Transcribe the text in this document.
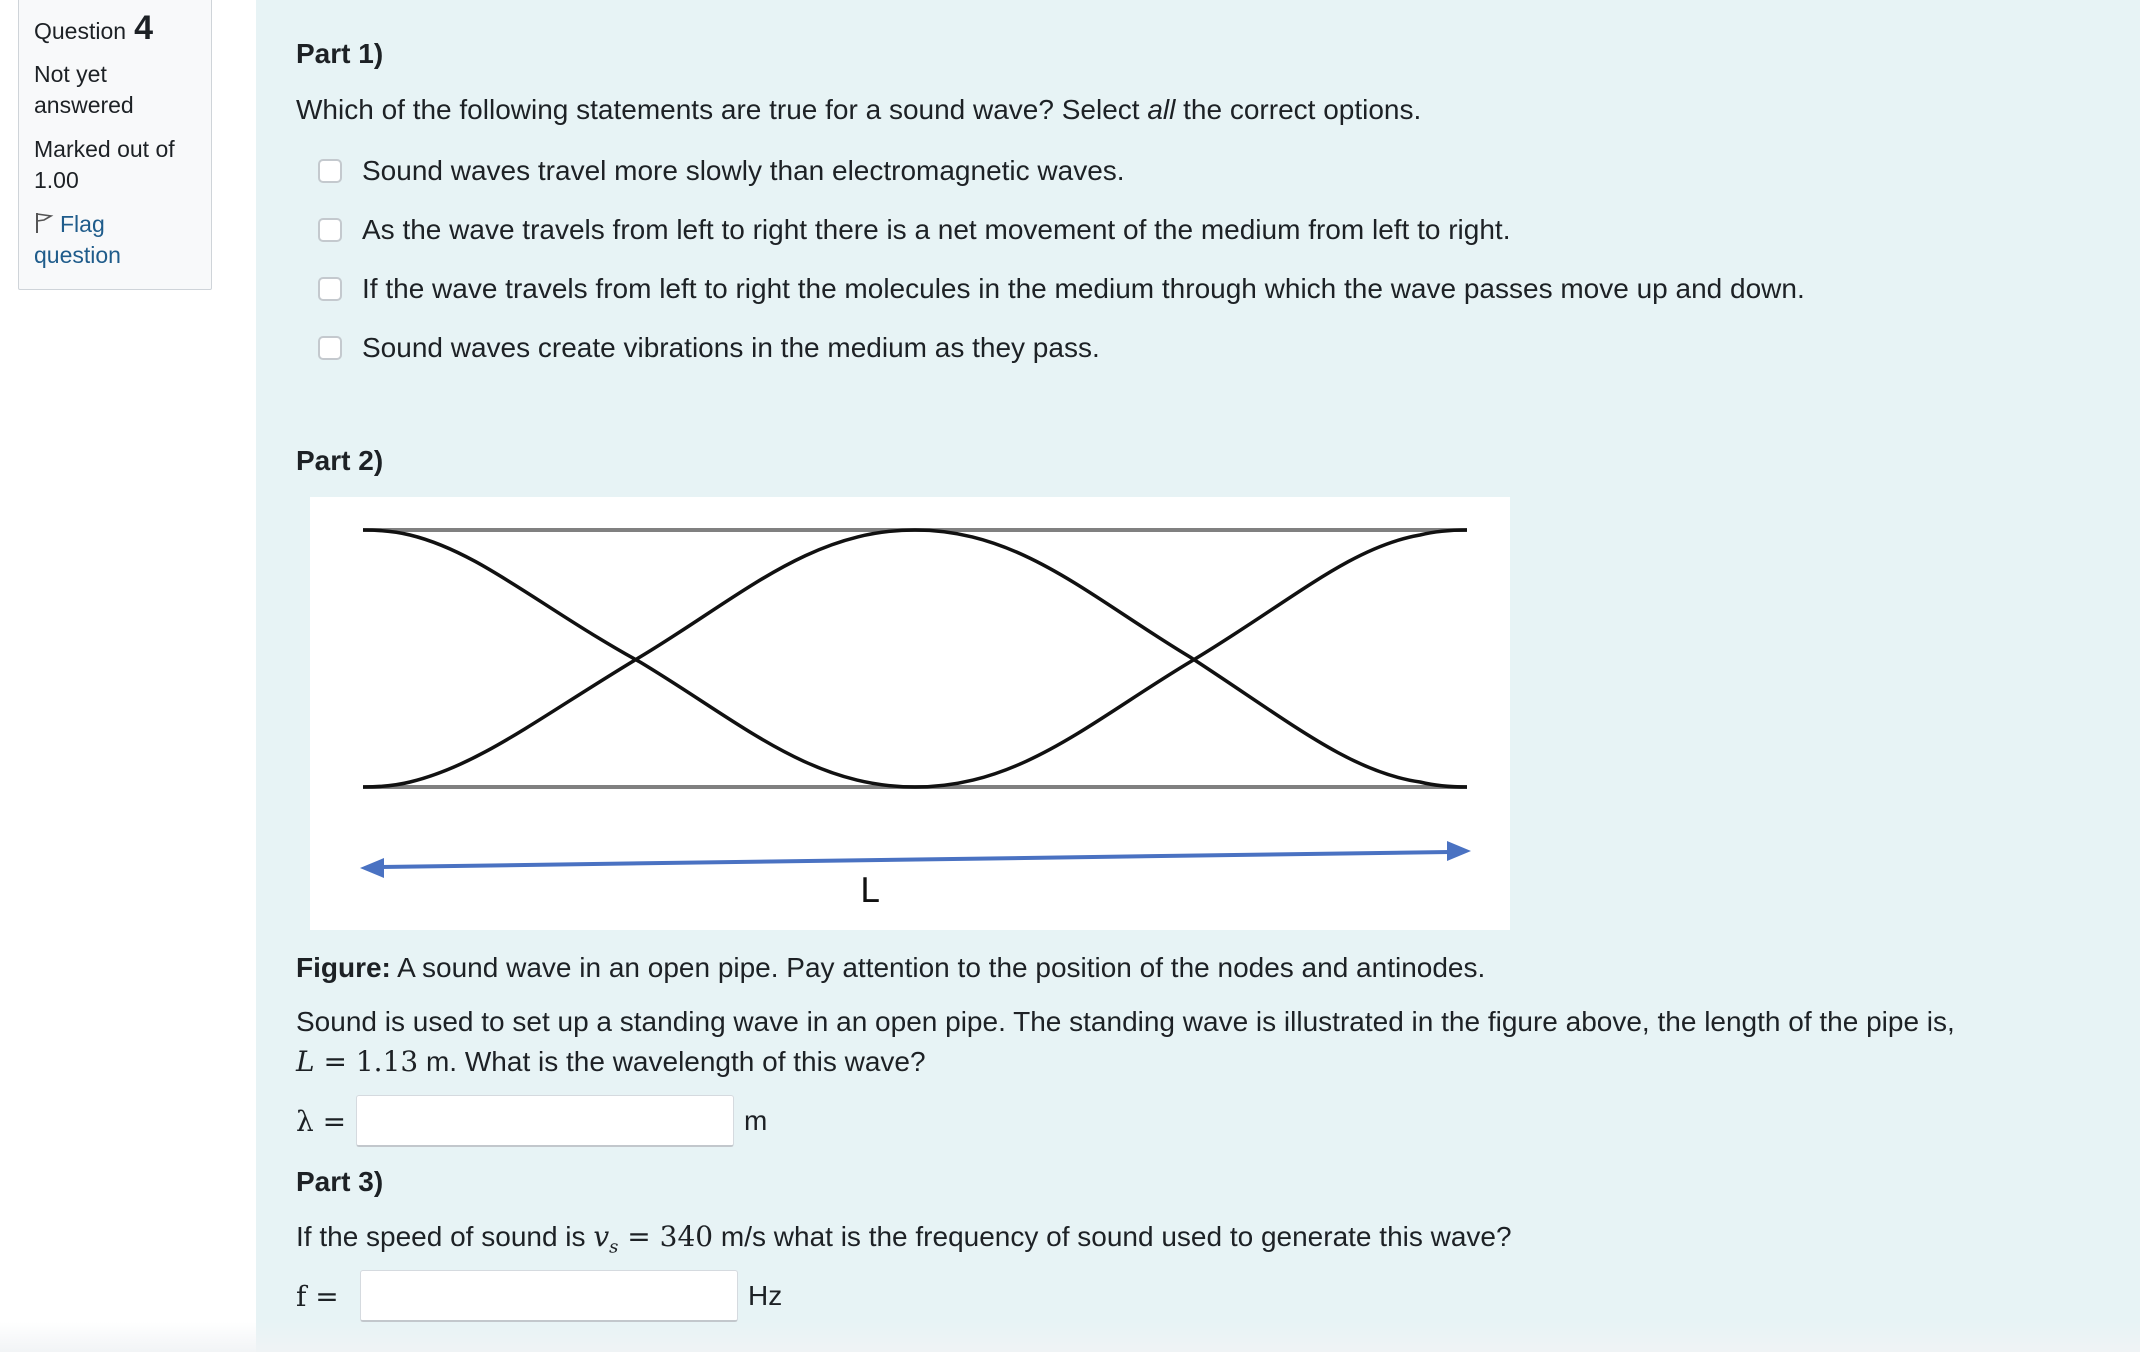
Question 4
Not yet answered
Marked out of 1.00
Flag question
Part 1)
Which of the following statements are true for a sound wave? Select all the correct options.
Sound waves travel more slowly than electromagnetic waves.
As the wave travels from left to right there is a net movement of the medium from left to right.
If the wave travels from left to right the molecules in the medium through which the wave passes move up and down.
Sound waves create vibrations in the medium as they pass.
Part 2)
L
Figure: A sound wave in an open pipe. Pay attention to the position of the nodes and antinodes.
Sound is used to set up a standing wave in an open pipe. The standing wave is illustrated in the figure above, the length of the pipe is,
L = 1.13 m. What is the wavelength of this wave?
λ =	m
Part 3)
If the speed of sound is $v_s = 340$ m/s what is the frequency of sound used to generate this wave?
f =	Hz
